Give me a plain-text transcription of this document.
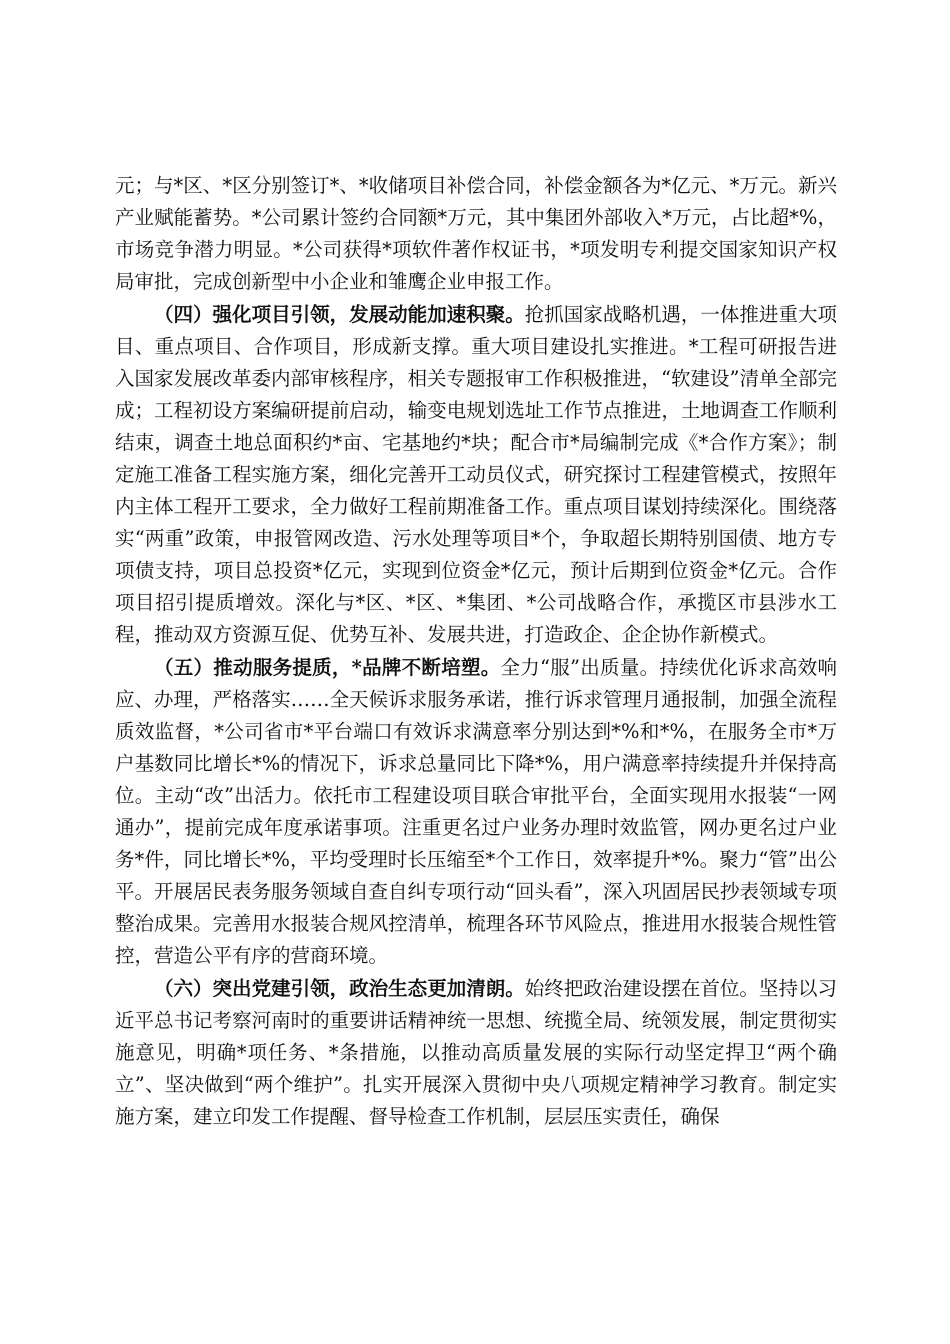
元；与*区、*区分别签订*、*收储项目补偿合同，补偿金额各为*亿元、*万元。新兴产业赋能蓄势。*公司累计签约合同额*万元，其中集团外部收入*万元，占比超*%，市场竞争潜力明显。*公司获得*项软件著作权证书，*项发明专利提交国家知识产权局审批，完成创新型中小企业和雏鹰企业申报工作。

（四）强化项目引领，发展动能加速积聚。抢抓国家战略机遇，一体推进重大项目、重点项目、合作项目，形成新支撑。重大项目建设扎实推进。*工程可研报告进入国家发展改革委内部审核程序，相关专题报审工作积极推进，“软建设”清单全部完成；工程初设方案编研提前启动，输变电规划选址工作节点推进，土地调查工作顺利结束，调查土地总面积约*亩、宅基地约*块；配合市*局编制完成《*合作方案》；制定施工准备工程实施方案，细化完善开工动员仪式，研究探讨工程建管模式，按照年内主体工程开工要求，全力做好工程前期准备工作。重点项目谋划持续深化。围绕落实“两重”政策，申报管网改造、污水处理等项目*个，争取超长期特别国债、地方专项债支持，项目总投资*亿元，实现到位资金*亿元，预计后期到位资金*亿元。合作项目招引提质增效。深化与*区、*区、*集团、*公司战略合作，承揽区市县涉水工程，推动双方资源互促、优势互补、发展共进，打造政企、企企协作新模式。

（五）推动服务提质，*品牌不断培塑。全力“服”出质量。持续优化诉求高效响应、办理，严格落实……全天候诉求服务承诺，推行诉求管理月通报制，加强全流程质效监督，*公司省市*平台端口有效诉求满意率分别达到*%和*%，在服务全市*万户基数同比增长*%的情况下，诉求总量同比下降*%，用户满意率持续提升并保持高位。主动“改”出活力。依托市工程建设项目联合审批平台，全面实现用水报装“一网通办”，提前完成年度承诺事项。注重更名过户业务办理时效监管，网办更名过户业务*件，同比增长*%，平均受理时长压缩至*个工作日，效率提升*%。聚力“管”出公平。开展居民表务服务领域自查自纠专项行动“回头看”，深入巩固居民抄表领域专项整治成果。完善用水报装合规风控清单，梳理各环节风险点，推进用水报装合规性管控，营造公平有序的营商环境。

（六）突出党建引领，政治生态更加清朗。始终把政治建设摆在首位。坚持以习近平总书记考察河南时的重要讲话精神统一思想、统揽全局、统领发展，制定贯彻实施意见，明确*项任务、*条措施，以推动高质量发展的实际行动坚定捍卫“两个确立”、坚决做到“两个维护”。扎实开展深入贯彻中央八项规定精神学习教育。制定实施方案，建立印发工作提醒、督导检查工作机制，层层压实责任，确保
